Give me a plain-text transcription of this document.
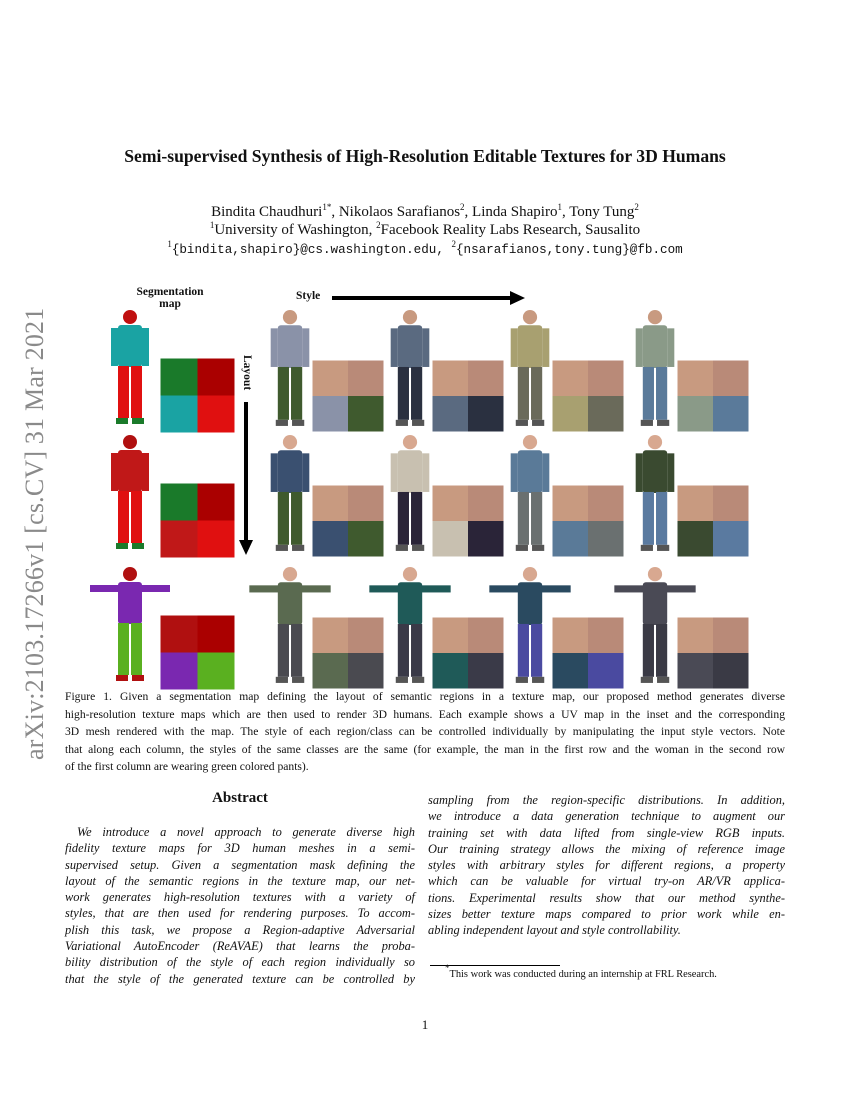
arXiv:2103.17266v1 [cs.CV] 31 Mar 2021
Semi-supervised Synthesis of High-Resolution Editable Textures for 3D Humans
Bindita Chaudhuri$^{1*}$, Nikolaos Sarafianos$^2$, Linda Shapiro$^1$, Tony Tung$^2$
$^1$University of Washington, $^2$Facebook Reality Labs Research, Sausalito
$^1${bindita,shapiro}@cs.washington.edu, $^2${nsarafianos,tony.tung}@fb.com
Segmentation
map
Style
Layout
Figure 1. Given a segmentation map defining the layout of semantic regions in a texture map, our proposed method generates diverse
high-resolution texture maps which are then used to render 3D humans. Each example shows a UV map in the inset and the corresponding
3D mesh rendered with the map. The style of each region/class can be controlled individually by manipulating the input style vectors. Note
that along each column, the styles of the same classes are the same (for example, the man in the first row and the woman in the second row
of the first column are wearing green colored pants).
Abstract
We introduce a novel approach to generate diverse high
fidelity texture maps for 3D human meshes in a semi-
supervised setup. Given a segmentation mask defining the
layout of the semantic regions in the texture map, our net-
work generates high-resolution textures with a variety of
styles, that are then used for rendering purposes. To accom-
plish this task, we propose a Region-adaptive Adversarial
Variational AutoEncoder (ReAVAE) that learns the proba-
bility distribution of the style of each region individually so
that the style of the generated texture can be controlled by
sampling from the region-specific distributions. In addition,
we introduce a data generation technique to augment our
training set with data lifted from single-view RGB inputs.
Our training strategy allows the mixing of reference image
styles with arbitrary styles for different regions, a property
which can be valuable for virtual try-on AR/VR applica-
tions. Experimental results show that our method synthe-
sizes better texture maps compared to prior work while en-
abling independent layout and style controllability.
*This work was conducted during an internship at FRL Research.
1
